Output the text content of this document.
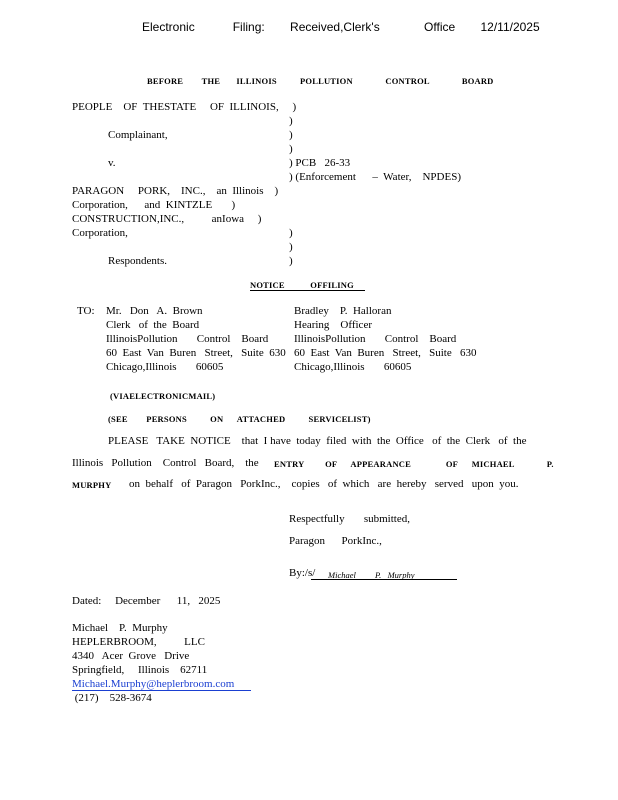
Electronic      Filing:    Received,Clerk's       Office    12/11/2025
BEFORE        THE       ILLINOIS          POLLUTION              CONTROL              BOARD
PEOPLE    OF  THESTATE     OF  ILLINOIS,     )
)
Complainant,	)
)
v.	) PCB   26-33
) (Enforcement      –  Water,    NPDES)
PARAGON     PORK,    INC.,    an  Illinois    )
Corporation,      and  KINTZLE       )
CONSTRUCTION,INC.,          anIowa     )
Corporation,	)
)
Respondents.	)
NOTICE           OFFILING
TO: Mr.   Don   A.  Brown
Clerk   of  the  Board
IllinoisPollution       Control    Board
60  East  Van  Buren   Street,   Suite  630
Chicago,Illinois       60605
Bradley    P.  Halloran
Hearing    Officer
IllinoisPollution       Control    Board
60  East  Van  Buren   Street,   Suite   630
Chicago,Illinois       60605
(VIAELECTRONICMAIL)
(SEE        PERSONS          ON      ATTACHED          SERVICELIST)
PLEASE   TAKE  NOTICE    that  I have  today  filed  with  the  Office   of  the  Clerk   of  the
Illinois   Pollution    Control   Board,    the ENTRY         OF      APPEARANCE               OF      MICHAEL              P.
MURPHY on  behalf   of  Paragon   PorkInc.,    copies   of  which   are  hereby   served   upon  you.
Respectfully       submitted,
Paragon      PorkInc.,
By:/s/ Michael         P.   Murphy
Dated:     December      11,   2025
Michael    P.  Murphy
HEPLERBROOM,          LLC
4340   Acer  Grove   Drive
Springfield,     Illinois    62711
Michael.Murphy@heplerbroom.com
(217)    528-3674
